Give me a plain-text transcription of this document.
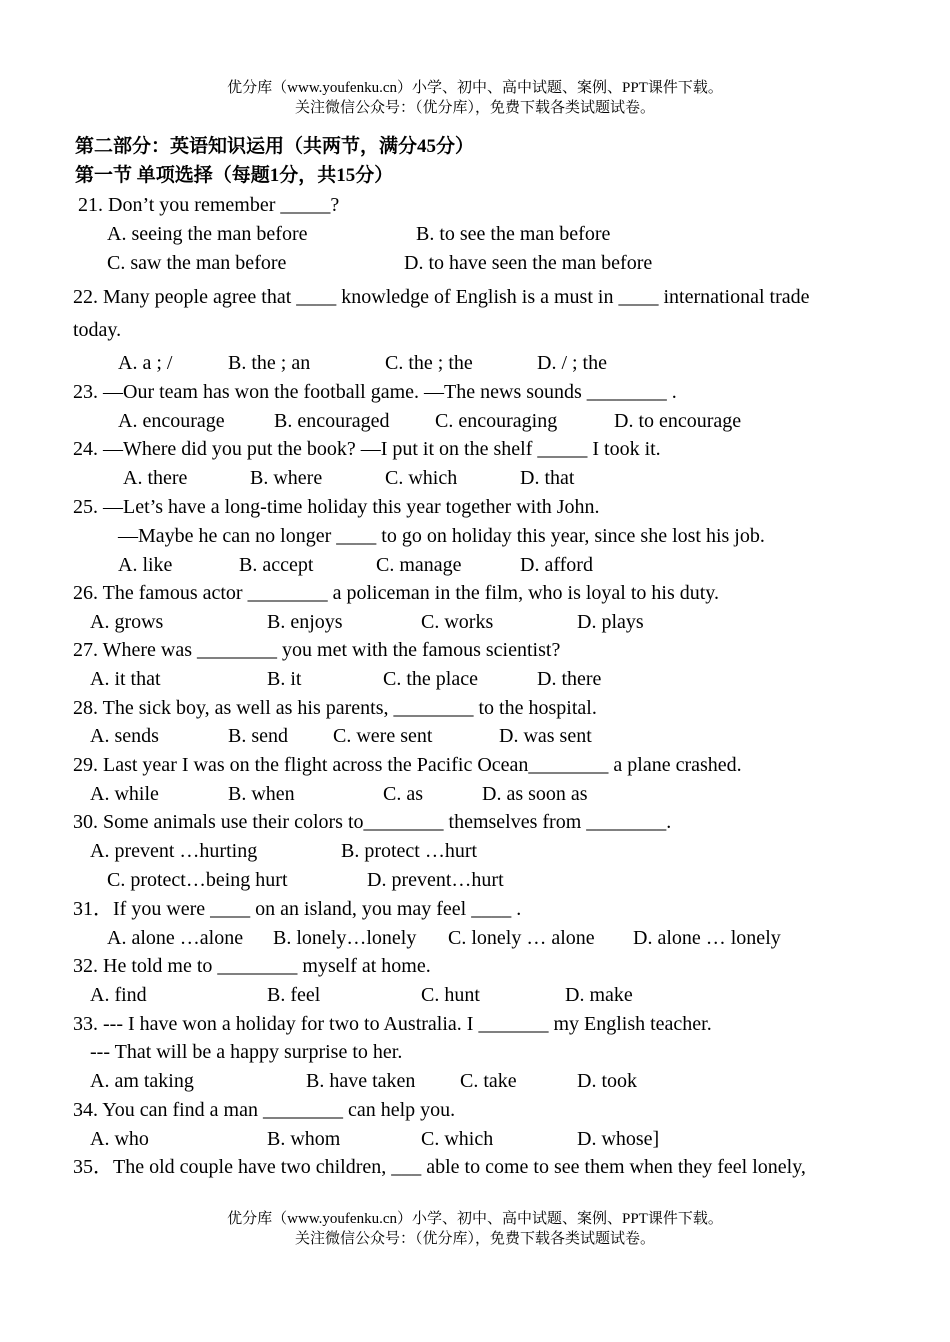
优分库（www.youfenku.cn）小学、初中、高中试题、案例、PPT课件下载。
关注微信公众号：（优分库），免费下载各类试题试卷。
第二部分：英语知识运用（共两节，满分45分）
第一节 单项选择（每题1分，共15分）
21. Don’t you remember _____?
A. seeing the man before	B. to see the man before
C. saw the man before	D. to have seen the man before
22. Many people agree that ____ knowledge of English is a must in ____ international trade
today.
A. a ; /	B. the ; an	C. the ; the	D. / ; the
23. —Our team has won the football game. —The news sounds ________ .
A. encourage B. encouraged C. encouraging	D. to encourage
24. —Where did you put the book? —I put it on the shelf _____ I took it.
A. there	B. where	C. which	D. that
25. —Let’s have a long-time holiday this year together with John.
—Maybe he can no longer ____ to go on holiday this year, since she lost his job.
A. like	B. accept	C. manage	D. afford
26. The famous actor ________ a policeman in the film, who is loyal to his duty.
A. grows	B. enjoys	C. works	D. plays
27. Where was ________ you met with the famous scientist?
A. it that	B. it	C. the place	D. there
28. The sick boy, as well as his parents, ________ to the hospital.
A. sends	B. send C. were sent	D. was sent
29. Last year I was on the flight across the Pacific Ocean________ a plane crashed.
A. while	B. when	C. as	D. as soon as
30. Some animals use their colors to________ themselves from ________.
A. prevent …hurting	B. protect …hurt
C. protect…being hurt	D. prevent…hurt
31．If you were ____ on an island, you may feel ____ .
A. alone …alone B. lonely…lonely C. lonely … alone D. alone … lonely
32. He told me to ________ myself at home.
A. find	B. feel	C. hunt	D. make
33. --- I have won a holiday for two to Australia. I _______ my English teacher.
--- That will be a happy surprise to her.
A. am taking	B. have taken C. take	D. took
34. You can find a man ________ can help you.
A. who	B. whom	C. which	D. whose]
35．The old couple have two children, ___ able to come to see them when they feel lonely,
优分库（www.youfenku.cn）小学、初中、高中试题、案例、PPT课件下载。
关注微信公众号：（优分库），免费下载各类试题试卷。
